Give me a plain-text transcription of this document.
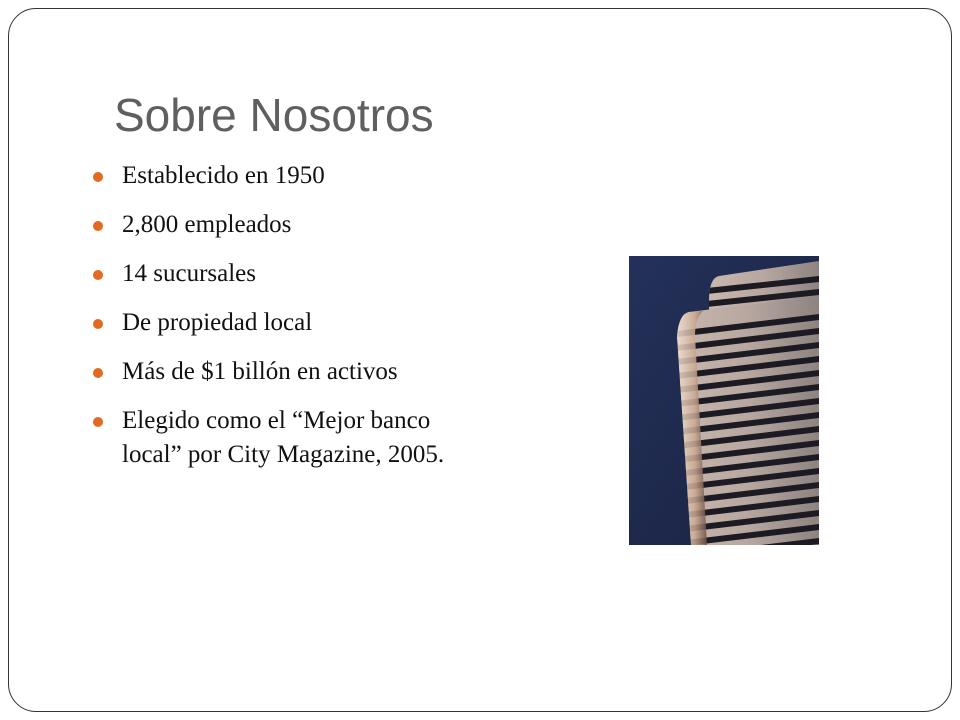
Sobre Nosotros
Establecido en 1950
2,800 empleados
14 sucursales
De propiedad local
Más de $1 billón en activos
Elegido como el “Mejor banco local” por City Magazine, 2005.
